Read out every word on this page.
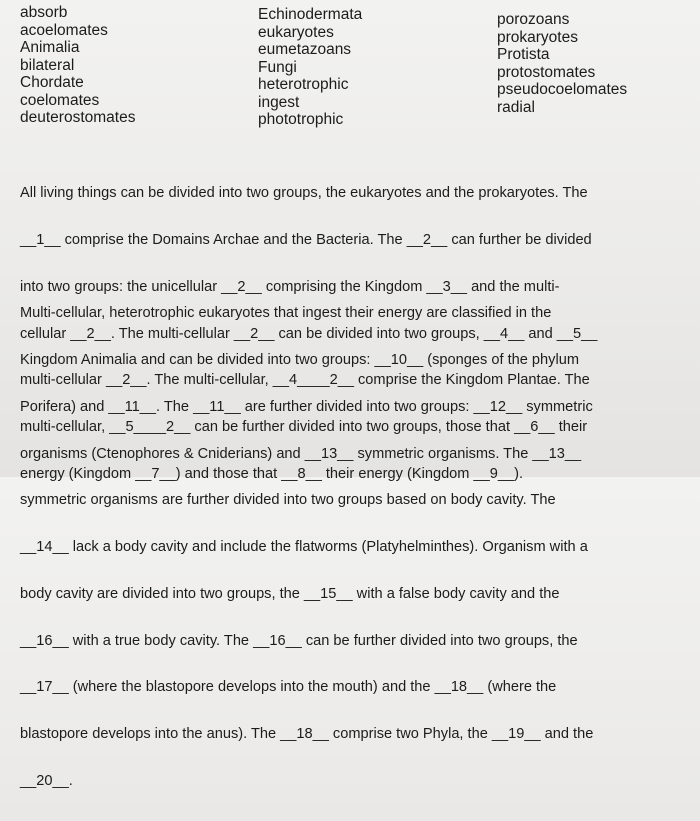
absorb
acoelomates
Animalia
bilateral
Chordate
coelomates
deuterostomates
Echinodermata
eukaryotes
eumetazoans
Fungi
heterotrophic
ingest
phototrophic
porozoans
prokaryotes
Protista
protostomates
pseudocoelomates
radial

All living things can be divided into two groups, the eukaryotes and the prokaryotes. The

__1__ comprise the Domains Archae and the Bacteria. The __2__ can further be divided

into two groups: the unicellular __2__ comprising the Kingdom __3__ and the multi-

cellular __2__. The multi-cellular __2__ can be divided into two groups, __4__ and __5__

multi-cellular __2__. The multi-cellular, __4____2__ comprise the Kingdom Plantae. The

multi-cellular, __5____2__ can be further divided into two groups, those that __6__ their

energy (Kingdom __7__) and those that __8__ their energy (Kingdom __9__).

Multi-cellular, heterotrophic eukaryotes that ingest their energy are classified in the

Kingdom Animalia and can be divided into two groups: __10__ (sponges of the phylum

Porifera) and __11__. The __11__ are further divided into two groups: __12__ symmetric

organisms (Ctenophores & Cniderians) and __13__ symmetric organisms. The __13__

symmetric organisms are further divided into two groups based on body cavity. The

__14__ lack a body cavity and include the flatworms (Platyhelminthes). Organism with a

body cavity are divided into two groups, the __15__ with a false body cavity and the

__16__ with a true body cavity. The __16__ can be further divided into two groups, the

__17__ (where the blastopore develops into the mouth) and the __18__ (where the

blastopore develops into the anus). The __18__ comprise two Phyla, the __19__ and the

__20__.
